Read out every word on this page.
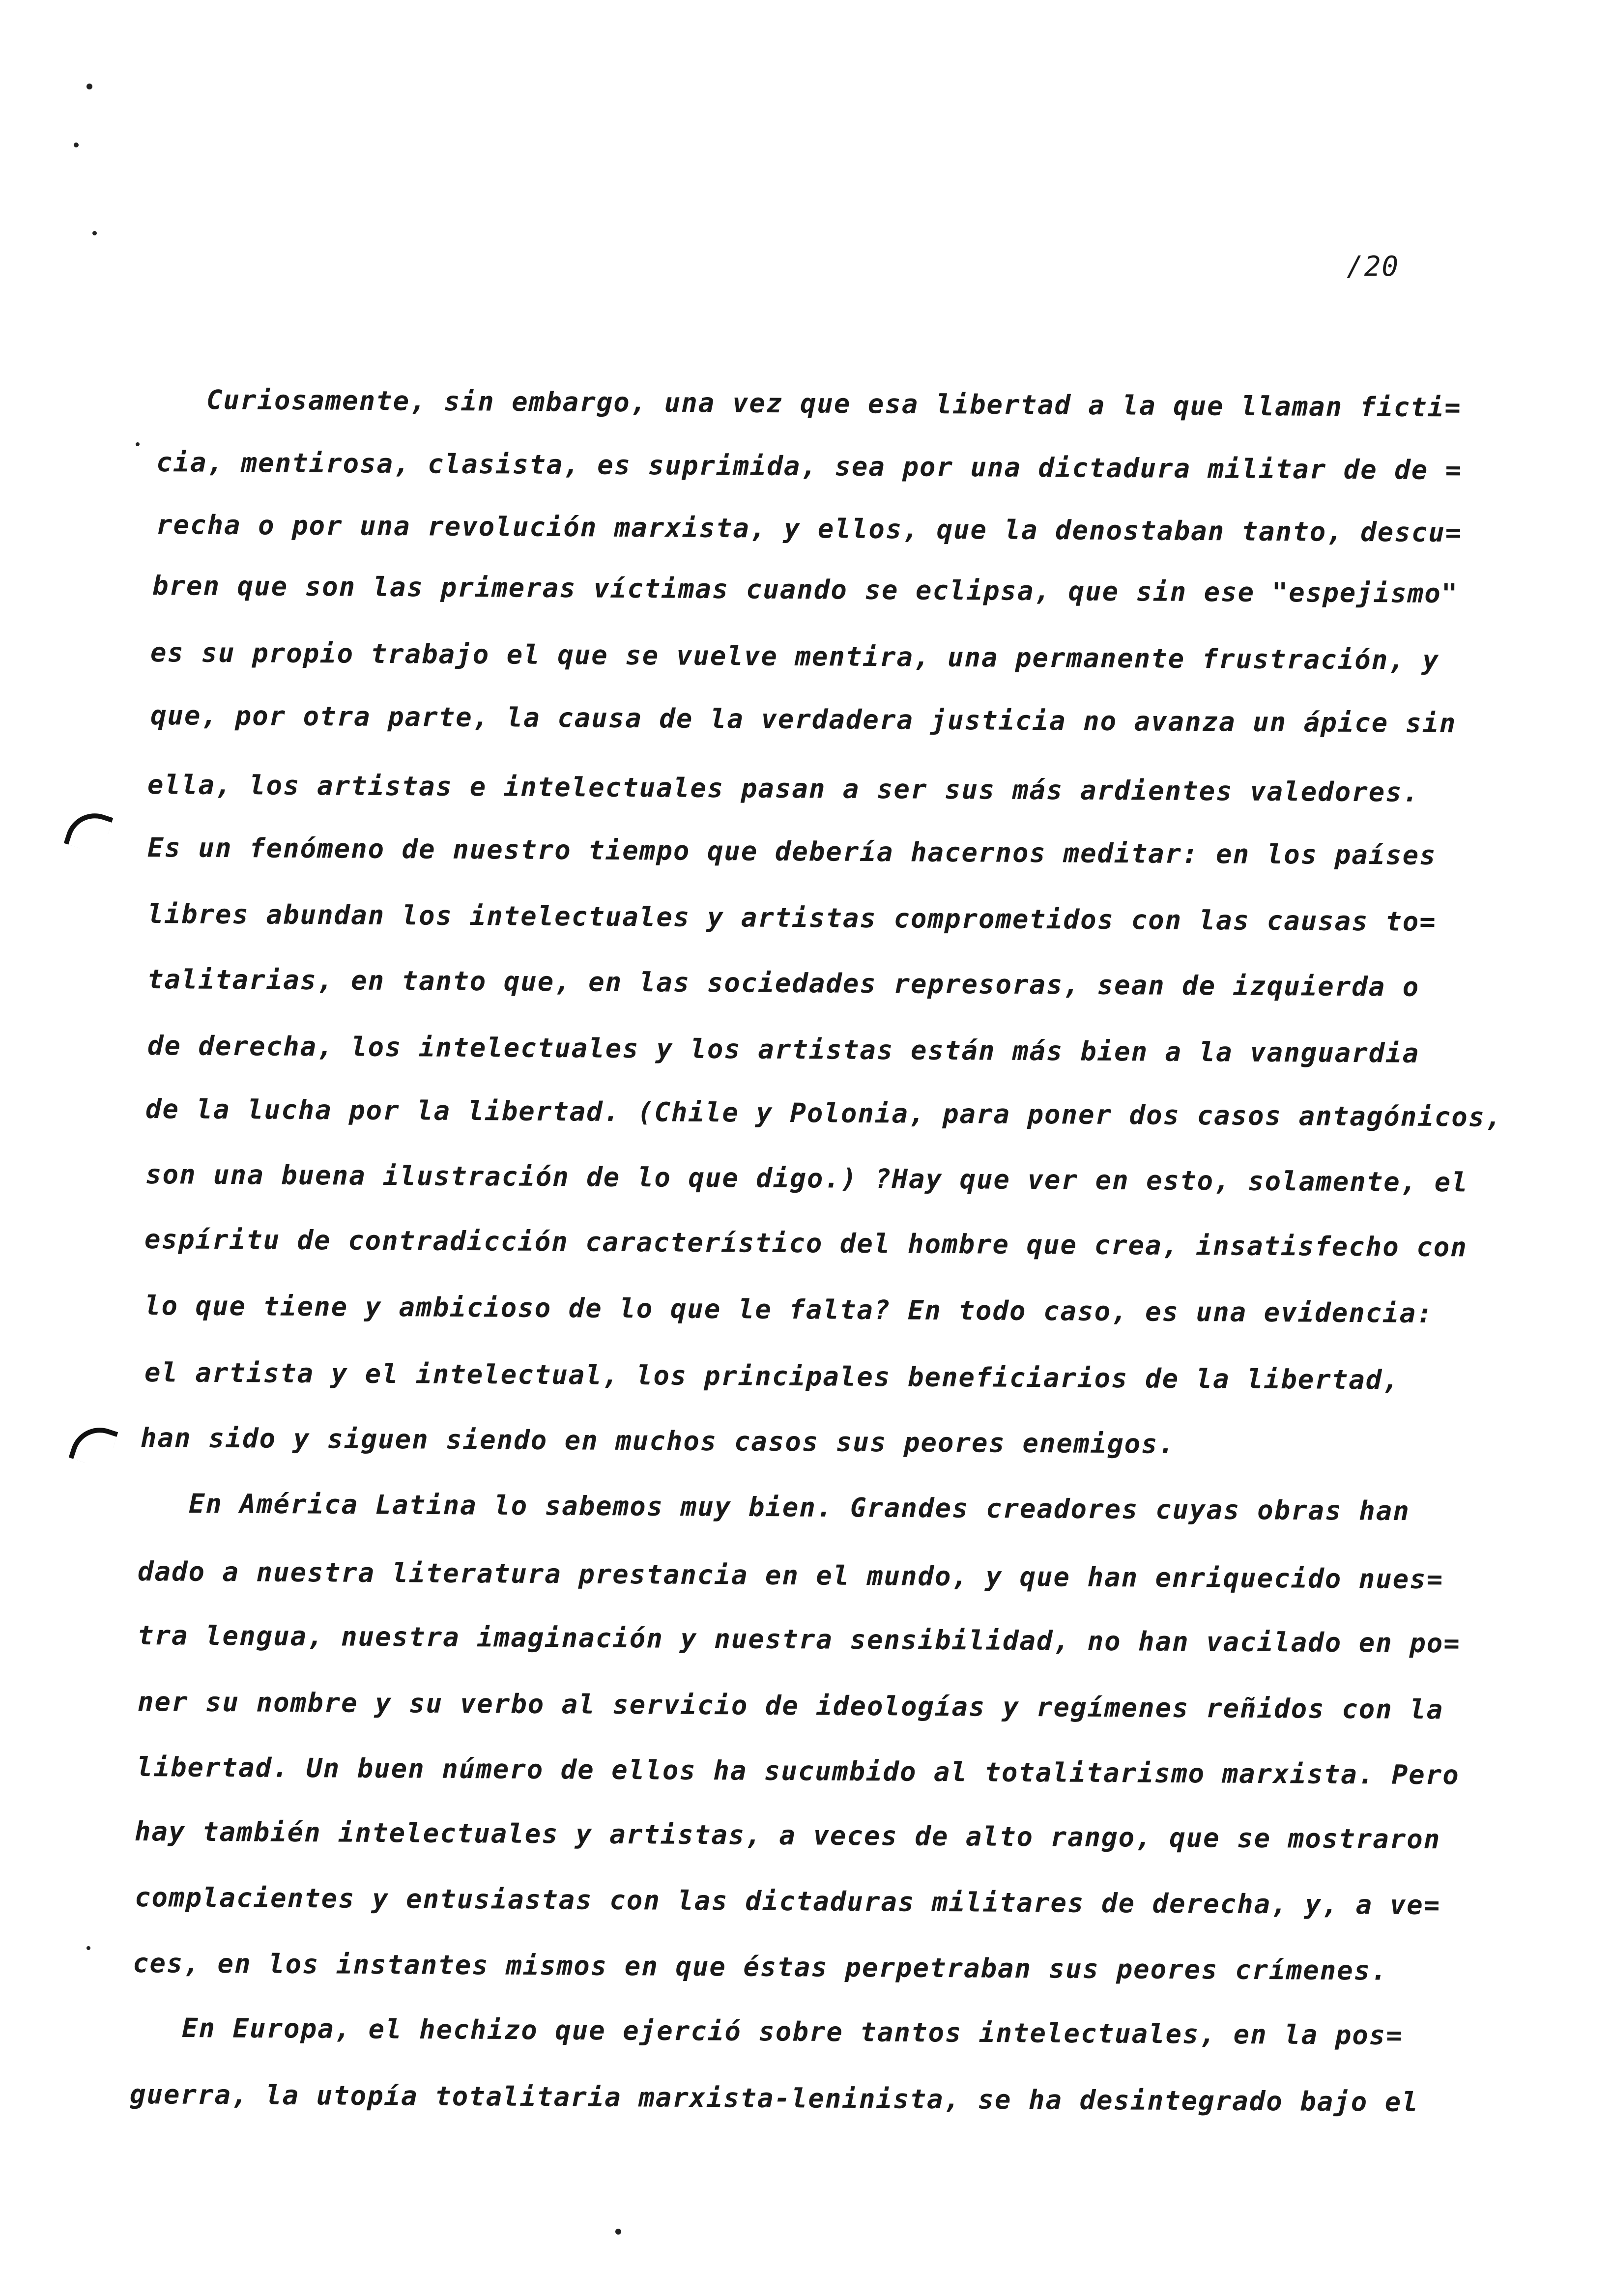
/20
Curiosamente, sin embargo, una vez que esa libertad a la que llaman ficti=
cia, mentirosa, clasista, es suprimida, sea por una dictadura militar de de =
recha o por una revolución marxista, y ellos, que la denostaban tanto, descu=
bren que son las primeras víctimas cuando se eclipsa, que sin ese "espejismo"
es su propio trabajo el que se vuelve mentira, una permanente frustración, y
que, por otra parte, la causa de la verdadera justicia no avanza un ápice sin
ella, los artistas e intelectuales pasan a ser sus más ardientes valedores.
Es un fenómeno de nuestro tiempo que debería hacernos meditar: en los países
libres abundan los intelectuales y artistas comprometidos con las causas to=
talitarias, en tanto que, en las sociedades represoras, sean de izquierda o
de derecha, los intelectuales y los artistas están más bien a la vanguardia
de la lucha por la libertad. (Chile y Polonia, para poner dos casos antagónicos,
son una buena ilustración de lo que digo.) ?Hay que ver en esto, solamente, el
espíritu de contradicción característico del hombre que crea, insatisfecho con
lo que tiene y ambicioso de lo que le falta? En todo caso, es una evidencia:
el artista y el intelectual, los principales beneficiarios de la libertad,
han sido y siguen siendo en muchos casos sus peores enemigos.
En América Latina lo sabemos muy bien. Grandes creadores cuyas obras han
dado a nuestra literatura prestancia en el mundo, y que han enriquecido nues=
tra lengua, nuestra imaginación y nuestra sensibilidad, no han vacilado en po=
ner su nombre y su verbo al servicio de ideologías y regímenes reñidos con la
libertad. Un buen número de ellos ha sucumbido al totalitarismo marxista. Pero
hay también intelectuales y artistas, a veces de alto rango, que se mostraron
complacientes y entusiastas con las dictaduras militares de derecha, y, a ve=
ces, en los instantes mismos en que éstas perpetraban sus peores crímenes.
En Europa, el hechizo que ejerció sobre tantos intelectuales, en la pos=
guerra, la utopía totalitaria marxista-leninista, se ha desintegrado bajo el
